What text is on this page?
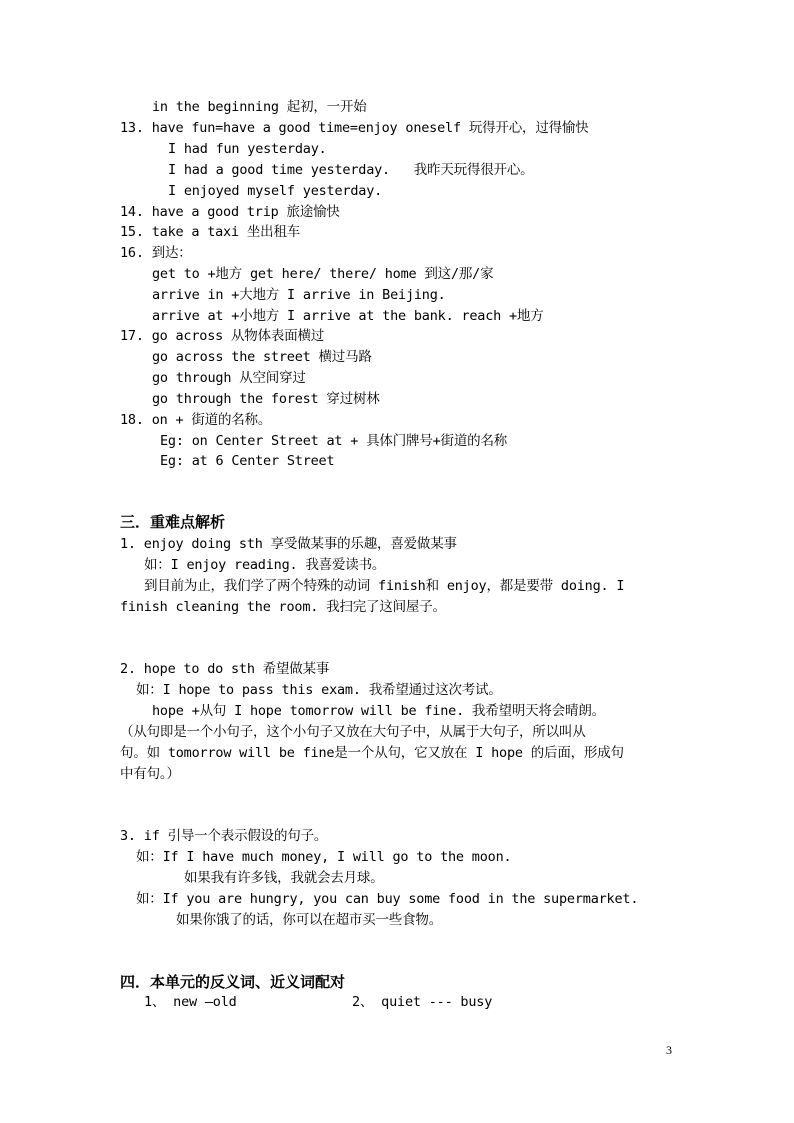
in the beginning 起初，一开始
13. have fun=have a good time=enjoy oneself 玩得开心，过得愉快
I had fun yesterday.
I had a good time yesterday.   我昨天玩得很开心。
I enjoyed myself yesterday.
14. have a good trip 旅途愉快
15. take a taxi 坐出租车
16. 到达：
get to +地方 get here/ there/ home 到这/那/家
arrive in +大地方 I arrive in Beijing.
arrive at +小地方 I arrive at the bank. reach +地方
17. go across 从物体表面横过
go across the street 横过马路
go through 从空间穿过
go through the forest 穿过树林
18. on + 街道的名称。
Eg: on Center Street at + 具体门牌号+街道的名称
Eg: at 6 Center Street
三．重难点解析
1. enjoy doing sth 享受做某事的乐趣，喜爱做某事
如：I enjoy reading. 我喜爱读书。
到目前为止，我们学了两个特殊的动词 finish和 enjoy，都是要带 doing. I
finish cleaning the room. 我扫完了这间屋子。
2. hope to do sth 希望做某事
如：I hope to pass this exam. 我希望通过这次考试。
hope +从句 I hope tomorrow will be fine. 我希望明天将会晴朗。
（从句即是一个小句子，这个小句子又放在大句子中，从属于大句子，所以叫从
句。如 tomorrow will be fine是一个从句，它又放在 I hope 的后面，形成句
中有句。）
3. if 引导一个表示假设的句子。
如：If I have much money, I will go to the moon.
如果我有许多钱，我就会去月球。
如：If you are hungry, you can buy some food in the supermarket.
如果你饿了的话，你可以在超市买一些食物。
四．本单元的反义词、近义词配对
1、 new —old	2、 quiet --- busy
3
